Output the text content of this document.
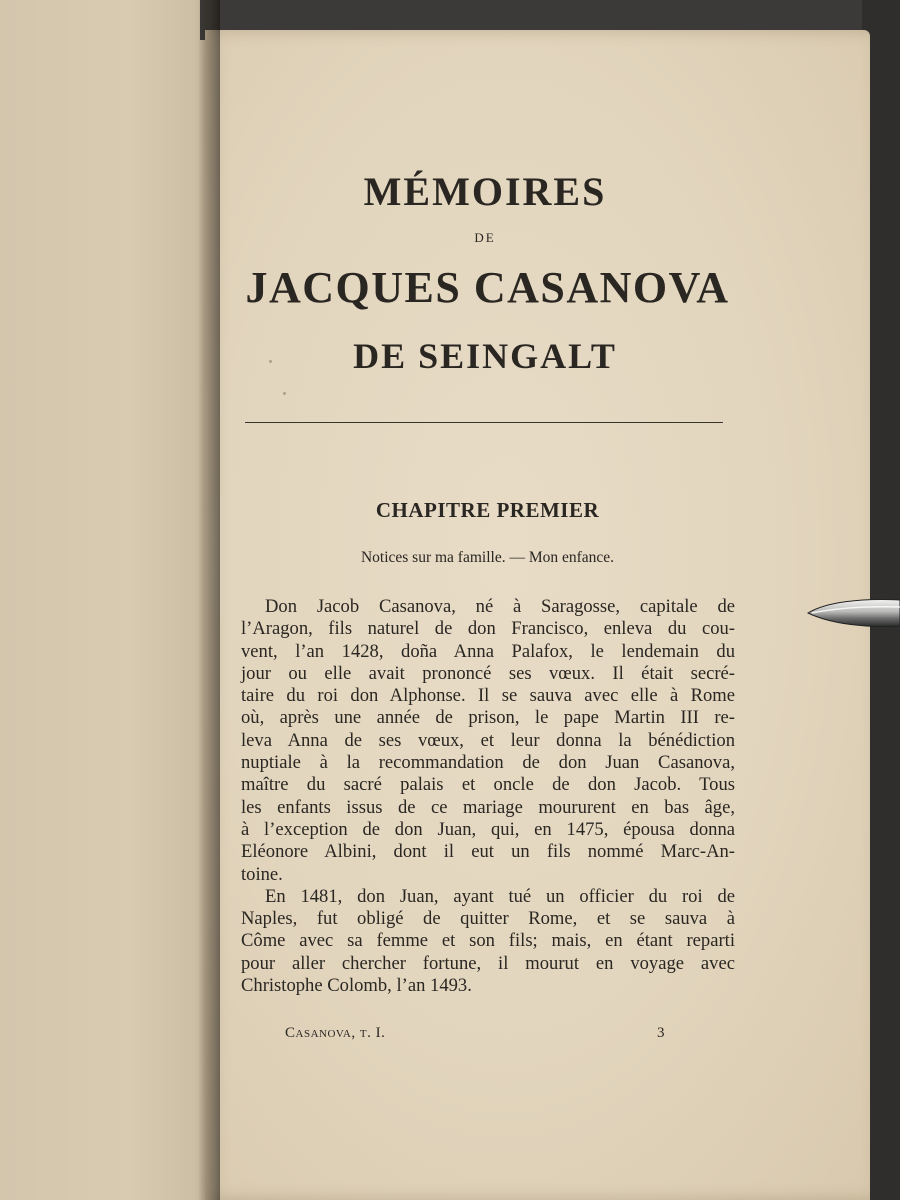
MÉMOIRES
DE
JACQUES CASANOVA
DE SEINGALT
CHAPITRE PREMIER
Notices sur ma famille. — Mon enfance.
Don Jacob Casanova, né à Saragosse, capitale de
l’Aragon, fils naturel de don Francisco, enleva du cou-
vent, l’an 1428, doña Anna Palafox, le lendemain du
jour ou elle avait prononcé ses vœux. Il était secré-
taire du roi don Alphonse. Il se sauva avec elle à Rome
où, après une année de prison, le pape Martin III re-
leva Anna de ses vœux, et leur donna la bénédiction
nuptiale à la recommandation de don Juan Casanova,
maître du sacré palais et oncle de don Jacob. Tous
les enfants issus de ce mariage moururent en bas âge,
à l’exception de don Juan, qui, en 1475, épousa donna
Eléonore Albini, dont il eut un fils nommé Marc-An-
toine.
En 1481, don Juan, ayant tué un officier du roi de
Naples, fut obligé de quitter Rome, et se sauva à
Côme avec sa femme et son fils; mais, en étant reparti
pour aller chercher fortune, il mourut en voyage avec
Christophe Colomb, l’an 1493.
Casanova, t. I.	3
